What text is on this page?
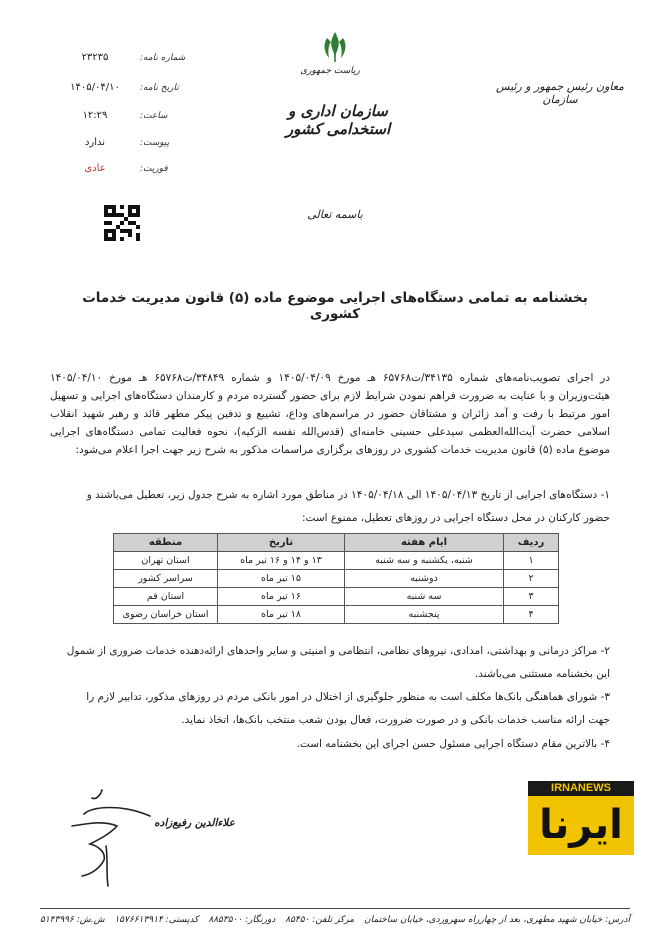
۲۳۲۳۵	شماره نامه:
۱۴۰۵/۰۴/۱۰	تاریخ نامه:
۱۲:۲۹	ساعت:
ندارد	پیوست:
عادی	فوریت:
ریاست جمهوری
سازمان اداری و استخدامی کشور
معاون رئیس جمهور و رئیس سازمان
باسمه تعالی
بخشنامه به تمامی دستگاه‌های اجرایی موضوع ماده (۵) قانون مدیریت خدمات کشوری
در اجرای تصویب‌نامه‌های شماره ۳۴۱۳۵/ت۶۵۷۶۸ هـ مورخ ۱۴۰۵/۰۴/۰۹ و شماره ۳۴۸۴۹/ت۶۵۷۶۸ هـ مورخ ۱۴۰۵/۰۴/۱۰ هیئت‌وزیران و با عنایت به ضرورت فراهم نمودن شرایط لازم برای حضور گسترده مردم و کارمندان دستگاه‌های اجرایی و تسهیل امور مرتبط با رفت و آمد زائران و مشتاقان حضور در مراسم‌های وداع، تشییع و تدفین پیکر مطهر قائد و رهبر شهید انقلاب اسلامی حضرت آیت‌الله‌العظمی سیدعلی حسینی خامنه‌ای (قدس‌الله نفسه الزکیه)، نحوه فعالیت تمامی دستگاه‌های اجرایی موضوع ماده (۵) قانون مدیریت خدمات کشوری در روزهای برگزاری مراسمات مذکور به شرح زیر جهت اجرا اعلام می‌شود:
۱- دستگاه‌های اجرایی از تاریخ ۱۴۰۵/۰۴/۱۳ الی ۱۴۰۵/۰۴/۱۸ در مناطق مورد اشاره به شرح جدول زیر، تعطیل می‌باشند و
حضور کارکنان در محل دستگاه اجرایی در روزهای تعطیل، ممنوع است:
ردیف	ایام هفته	تاریخ	منطقه
۱	شنبه، یکشنبه و سه شنبه	۱۳ و ۱۴ و ۱۶ تیر ماه	استان تهران
۲	دوشنبه	۱۵ تیر ماه	سراسر کشور
۳	سه شنبه	۱۶ تیر ماه	استان قم
۴	پنجشنبه	۱۸ تیر ماه	استان خراسان رضوی
۲- مراکز درمانی و بهداشتی، امدادی، نیروهای نظامی، انتظامی و امنیتی و سایر واحدهای ارائه‌دهنده خدمات ضروری از شمول
این بخشنامه مستثنی می‌باشند.
۳- شورای هماهنگی بانک‌ها مکلف است به منظور جلوگیری از اختلال در امور بانکی مردم در روزهای مذکور، تدابیر لازم را
جهت ارائه مناسب خدمات بانکی و در صورت ضرورت، فعال بودن شعب منتخب بانک‌ها، اتخاذ نماید.
۴- بالاترین مقام دستگاه اجرایی مسئول حسن اجرای این بخشنامه است.
علاء‌الدین رفیع‌زاده
IRNANEWS
ایرنا
آدرس: خیابان شهید مطهری، بعد از چهارراه سهروردی، خیابان ساختمان
مرکز تلفن: ۸۵۴۵۰
دورنگار: ۸۸۵۳۵۰۰
کدپستی: ۱۵۷۶۶۱۳۹۱۴
ش.ش: ۵۱۴۳۹۹۶
